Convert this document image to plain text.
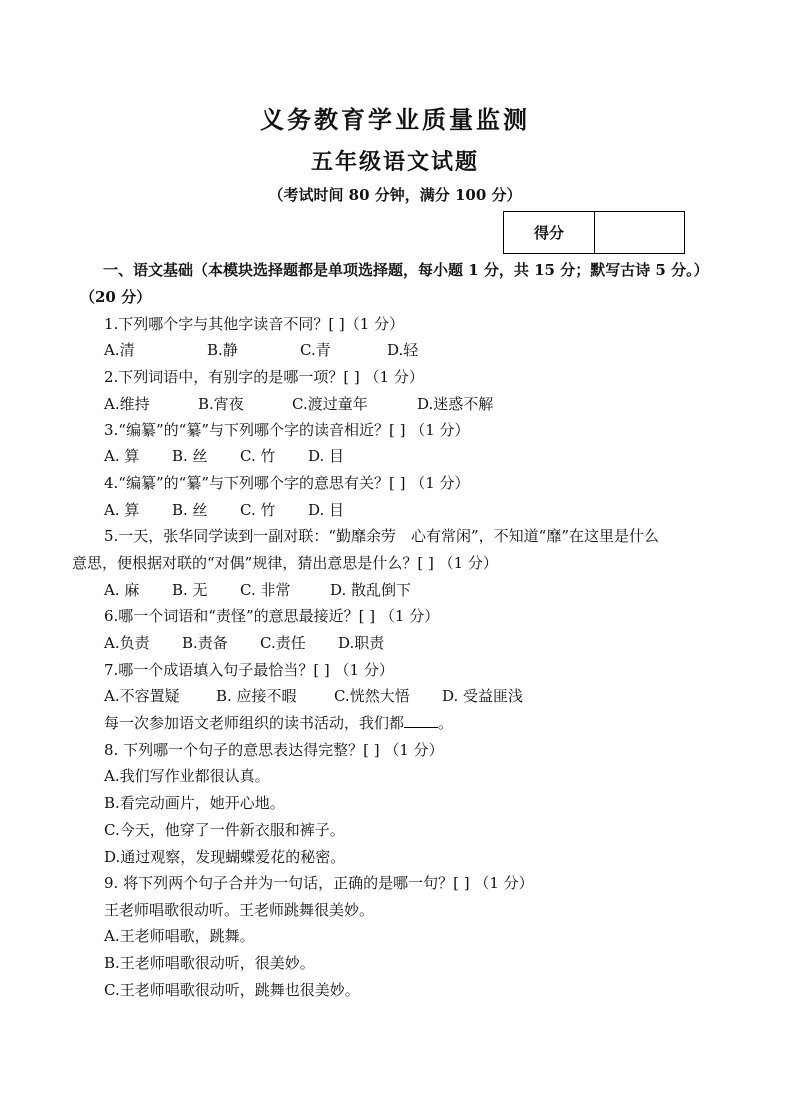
义务教育学业质量监测
五年级语文试题
（考试时间 80 分钟，满分 100 分）
得分
一、语文基础（本模块选择题都是单项选择题，每小题 1 分，共 15 分；默写古诗 5 分。）
（20 分）
1.下列哪个字与其他字读音不同？[ ]（1 分）
A.清	B.静	C.青	D.轻
2.下列词语中，有别字的是哪一项？[ ] （1 分）
A.维持	B.宵夜	C.渡过童年	D.迷惑不解
3.“编纂”的“纂”与下列哪个字的读音相近？[ ] （1 分）
A. 算 B. 丝 C. 竹 D. 目
4.“编纂”的“纂”与下列哪个字的意思有关？[ ] （1 分）
A. 算 B. 丝 C. 竹 D. 目
5.一天，张华同学读到一副对联：“勤靡余劳　心有常闲”，不知道“靡”在这里是什么
意思，便根据对联的“对偶”规律，猜出意思是什么？[ ] （1 分）
A. 麻 B. 无 C. 非常	D. 散乱倒下
6.哪一个词语和“责怪”的意思最接近？[ ] （1 分）
A.负责 B.责备 C.责任 D.职责
7.哪一个成语填入句子最恰当？[ ] （1 分）
A.不容置疑 B. 应接不暇 C.恍然大悟 D. 受益匪浅
每一次参加语文老师组织的读书活动，我们都 。
8. 下列哪一个句子的意思表达得完整？[ ] （1 分）
A.我们写作业都很认真。
B.看完动画片，她开心地。
C.今天，他穿了一件新衣服和裤子。
D.通过观察，发现蝴蝶爱花的秘密。
9. 将下列两个句子合并为一句话，正确的是哪一句？[ ] （1 分）
王老师唱歌很动听。王老师跳舞很美妙。
A.王老师唱歌，跳舞。
B.王老师唱歌很动听，很美妙。
C.王老师唱歌很动听，跳舞也很美妙。
